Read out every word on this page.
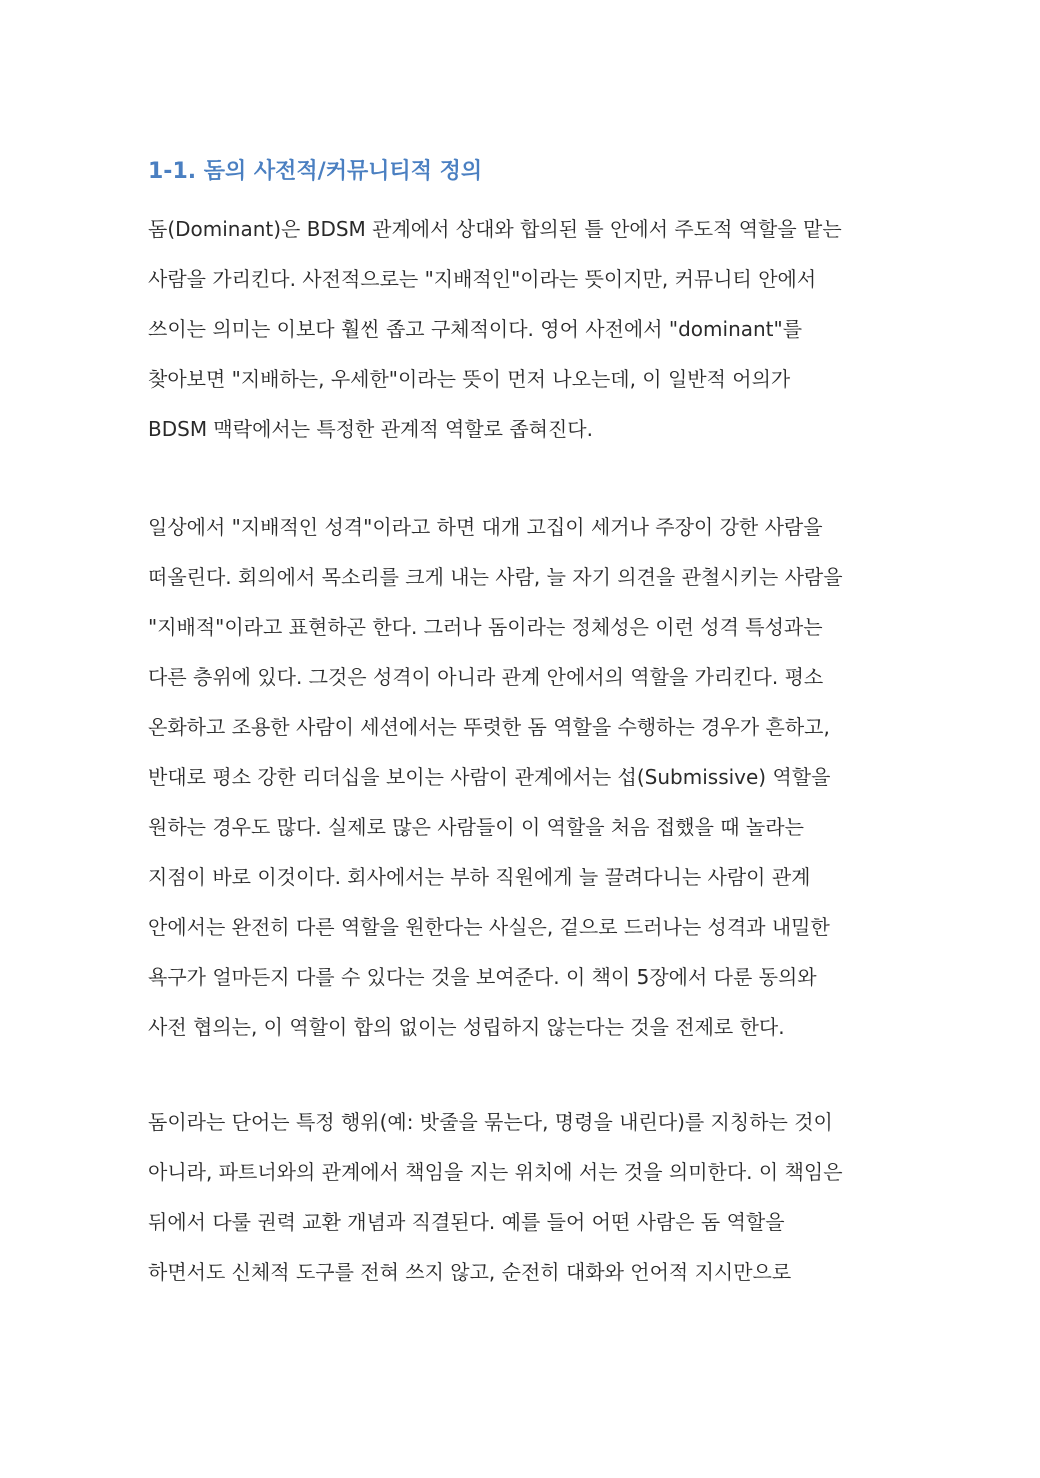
1-1. 돔의 사전적/커뮤니티적 정의
돔(Dominant)은 BDSM 관계에서 상대와 합의된 틀 안에서 주도적 역할을 맡는
사람을 가리킨다. 사전적으로는 "지배적인"이라는 뜻이지만, 커뮤니티 안에서
쓰이는 의미는 이보다 훨씬 좁고 구체적이다. 영어 사전에서 "dominant"를
찾아보면 "지배하는, 우세한"이라는 뜻이 먼저 나오는데, 이 일반적 어의가
BDSM 맥락에서는 특정한 관계적 역할로 좁혀진다.
일상에서 "지배적인 성격"이라고 하면 대개 고집이 세거나 주장이 강한 사람을
떠올린다. 회의에서 목소리를 크게 내는 사람, 늘 자기 의견을 관철시키는 사람을
"지배적"이라고 표현하곤 한다. 그러나 돔이라는 정체성은 이런 성격 특성과는
다른 층위에 있다. 그것은 성격이 아니라 관계 안에서의 역할을 가리킨다. 평소
온화하고 조용한 사람이 세션에서는 뚜렷한 돔 역할을 수행하는 경우가 흔하고,
반대로 평소 강한 리더십을 보이는 사람이 관계에서는 섭(Submissive) 역할을
원하는 경우도 많다. 실제로 많은 사람들이 이 역할을 처음 접했을 때 놀라는
지점이 바로 이것이다. 회사에서는 부하 직원에게 늘 끌려다니는 사람이 관계
안에서는 완전히 다른 역할을 원한다는 사실은, 겉으로 드러나는 성격과 내밀한
욕구가 얼마든지 다를 수 있다는 것을 보여준다. 이 책이 5장에서 다룬 동의와
사전 협의는, 이 역할이 합의 없이는 성립하지 않는다는 것을 전제로 한다.
돔이라는 단어는 특정 행위(예: 밧줄을 묶는다, 명령을 내린다)를 지칭하는 것이
아니라, 파트너와의 관계에서 책임을 지는 위치에 서는 것을 의미한다. 이 책임은
뒤에서 다룰 권력 교환 개념과 직결된다. 예를 들어 어떤 사람은 돔 역할을
하면서도 신체적 도구를 전혀 쓰지 않고, 순전히 대화와 언어적 지시만으로
